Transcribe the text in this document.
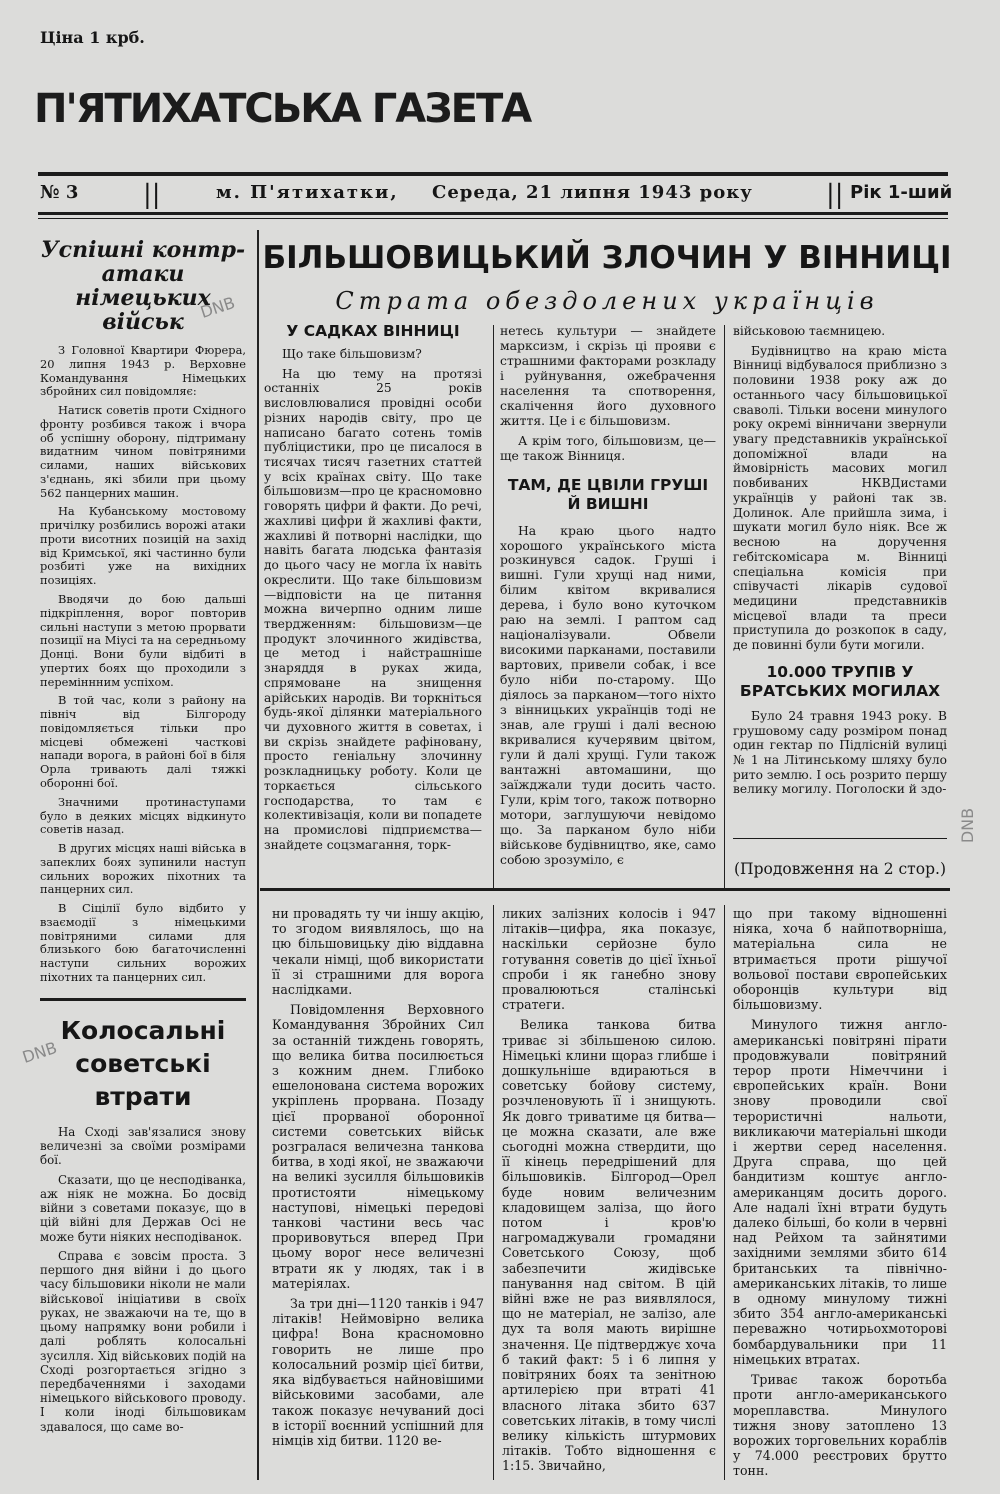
Ціна 1 крб.
П'ЯТИХАТСЬКА ГАЗЕТА
№ 3 ||	м. П'ятихатки, Середа, 21 липня 1943 року	|| Рік 1-ший
DNB
DNB
DNB
Успішні контр-атаки німецьких військ

З Головної Квартири Фюрера, 20 липня 1943 р. Верховне Командування Німецьких збройних сил повідомляє:

Натиск советів проти Східного фронту розбився також і вчора об успішну оборону, підтриману видатним чином повітряними силами, наших військових з'єднань, які збили при цьому 562 панцерних машин.

На Кубанському мостовому причілку розбились ворожі атаки проти висотних позицій на захід від Кримської, які частинно були розбиті уже на вихідних позиціях.

Вводячи до бою дальші підкріплення, ворог повторив сильні наступи з метою прорвати позиції на Міусі та на середньому Донці. Вони були відбиті в упертих боях що проходили з переміннним успіхом.

В той час, коли з району на північ від Білгороду повідомляється тільки про місцеві обмежені часткові напади ворога, в районі бої в біля Орла тривають далі тяжкі оборонні бої.

Значними протинаступами було в деяких місцях відкинуто советів назад.

В других місцях наші війська в запеклих боях зупинили наступ сильних ворожих піхотних та панцерних сил.

В Сіцілії було відбито у взаємодії з німецькими повітряними силами для близького бою багаточисленні наступи сильних ворожих піхотних та панцерних сил.

Колосальні советські втрати

На Сході зав'язалися знову величезні за своїми розмірами бої.

Сказати, що це несподіванка, аж ніяк не можна. Бо досвід війни з советами показує, що в цій війні для Держав Осі не може бути ніяких несподіванок.

Справа є зовсім проста. З першого дня війни і до цього часу більшовики ніколи не мали військової ініціативи в своїх руках, не зважаючи на те, що в цьому напрямку вони робили і далі роблять колосальні зусилля. Хід військових подій на Сході розгортається згідно з передбаченнями і заходами німецького військового проводу. І коли іноді більшовикам здавалося, що саме во-

БІЛЬШОВИЦЬКИЙ ЗЛОЧИН У ВІННИЦІ
Страта обездолених українців
У САДКАХ ВІННИЦІ

Що таке більшовизм?

На цю тему на протязі останніх 25 років висловлювалися провідні особи різних народів світу, про це написано багато сотень томів публіцистики, про це писалося в тисячах тисяч газетних статтей у всіх країнах світу. Що таке більшовизм—про це красномовно говорять цифри й факти. До речі, жахливі цифри й жахливі факти, жахливі й потворні наслідки, що навіть багата людська фантазія до цього часу не могла їх навіть окреслити. Що таке більшовизм—відповісти на це питання можна вичерпно одним лише твердженням: більшовизм—це продукт злочинного жидівства, це метод і найстрашніше знаряддя в руках жида, спрямоване на знищення арійських народів. Ви торкніться будь-якої ділянки матеріального чи духовного життя в советах, і ви скрізь знайдете рафіновану, просто геніальну злочинну розкладницьку роботу. Коли це торкається сільського господарства, то там є колективізація, коли ви попадете на промислові підприємства—знайдете соцзмагання, торк-

нетесь культури — знайдете марксизм, і скрізь ці прояви є страшними факторами розкладу і руйнування, ожебрачення населення та спотворення, скалічення його духовного життя. Це і є більшовизм.

А крім того, більшовизм, це—ще також Вінниця.

ТАМ, ДЕ ЦВІЛИ ГРУШІ Й ВИШНІ

На краю цього надто хорошого українського міста розкинувся садок. Груші і вишні. Гули хрущі над ними, білим квітом вкривалися дерева, і було воно куточком раю на землі. І раптом сад націоналізували. Обвели високими парканами, поставили вартових, привели собак, і все було ніби по-старому. Що діялось за парканом—того ніхто з вінницьких українців тоді не знав, але груші і далі весною вкривалися кучерявим цвітом, гули й далі хрущі. Гули також вантажні автомашини, що заїжджали туди досить часто. Гули, крім того, також потворно мотори, заглушуючи невідомо що. За парканом було ніби військове будівництво, яке, само собою зрозуміло, є

військовою таємницею.

Будівництво на краю міста Вінниці відбувалося приблизно з половини 1938 року аж до останнього часу більшовицької сваволі. Тільки восени минулого року окремі вінничани звернули увагу представників української допоміжної влади на ймовірність масових могил повбиваних НКВДистами українців у районі так зв. Долинок. Але прийшла зима, і шукати могил було ніяк. Все ж весною на доручення гебітскомісара м. Вінниці спеціальна комісія при співучасті лікарів судової медицини представників місцевої влади та преси приступила до розкопок в саду, де повинні були бути могили.

10.000 ТРУПІВ У БРАТСЬКИХ МОГИЛАХ

Було 24 травня 1943 року. В грушовому саду розміром понад один гектар по Підлісній вулиці № 1 на Літинському шляху було рито землю. І ось розрито першу велику могилу. Поголоски й здо-

(Продовження на 2 стор.)

ни провадять ту чи іншу акцію, то згодом виявлялось, що на цю більшовицьку дію віддавна чекали німці, щоб використати її зі страшними для ворога наслідками.

Повідомлення Верховного Командування Збройних Сил за останній тиждень говорять, що велика битва посилюється з кожним днем. Глибоко ешелонована система ворожих укріплень прорвана. Позаду цієї прорваної оборонної системи советських військ розгралася величезна танкова битва, в ході якої, не зважаючи на великі зусилля більшовиків протистояти німецькому наступові, німецькі передові танкові частини весь час проривовуться вперед При цьому ворог несе величезні втрати як у людях, так і в матеріялах.

За три дні—1120 танків і 947 літаків! Неймовірно велика цифра! Вона красномовно говорить не лише про колосальний розмір цієї битви, яка відбувається найновішими військовими засобами, але також показує нечуваний досі в історії воєнний успішний для німців хід битви. 1120 ве-

ликих залізних колосів і 947 літаків—цифра, яка показує, наскільки серйозне було готування советів до цієї їхньої спроби і як ганебно знову провалюються сталінські стратеги.

Велика танкова битва триває зі збільшеною силою. Німецькі клини щораз глибше і дошкульніше вдираються в советську бойову систему, розчленовують її і знищують. Як довго триватиме ця битва—це можна сказати, але вже сьогодні можна ствердити, що її кінець передрішений для більшовиків. Білгород—Орел буде новим величезним кладовищем заліза, що його потом і кров'ю нагромаджували громадяни Советського Союзу, щоб забезпечити жидівське панування над світом. В цій війні вже не раз виявлялося, що не матеріал, не залізо, але дух та воля мають вирішне значення. Це підтверджує хоча б такий факт: 5 і 6 липня у повітряних боях та зенітною артилерією при втраті 41 власного літака збито 637 советських літаків, в тому числі велику кількість штурмових літаків. Тобто відношення є 1:15. Звичайно,

що при такому відношенні ніяка, хоча б найпотворніша, матеріальна сила не втримається проти рішучої вольової постави європейських оборонців культури від більшовизму.

Минулого тижня англо-американські повітряні пірати продовжували повітряний терор проти Німеччини і європейських країн. Вони знову проводили свої терористичні нальоти, викликаючи матеріальні шкоди і жертви серед населення. Друга справа, що цей бандитизм коштує англо-американцям досить дорого. Але надалі їхні втрати будуть далеко більші, бо коли в червні над Рейхом та зайнятими західними землями збито 614 британських та північно-американських літаків, то лише в одному минулому тижні збито 354 англо-американські переважно чотирьохмоторові бомбардувальники при 11 німецьких втратах.

Триває також боротьба проти англо-американського мореплавства. Минулого тижня знову затоплено 13 ворожих торговельних кораблів у 74.000 реєстрових брутто тонн.
